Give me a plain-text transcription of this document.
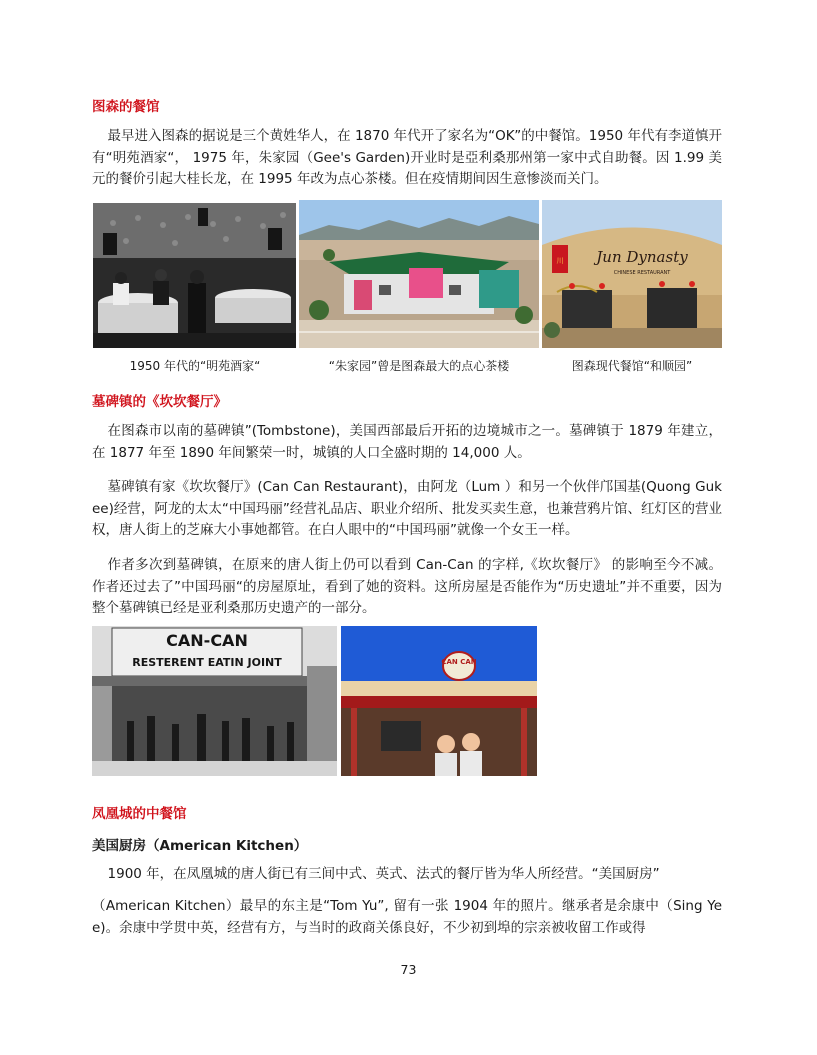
图森的餐馆

最早进入图森的据说是三个黄姓华人，在 1870 年代开了家名为“OK”的中餐馆。1950 年代有李道慎开有“明苑酒家“， 1975 年，朱家园（Gee's Garden)开业时是亞利桑那州第一家中式自助餐。因 1.99 美元的餐价引起大桂长龙，在 1995 年改为点心茶楼。但在疫情期间因生意惨淡而关门。

川 Jun Dynasty
CHINESE RESTAURANT

1950 年代的“明苑酒家“	“朱家园”曾是图森最大的点心茶楼	图森现代餐馆“和顺园”

墓碑镇的《坎坎餐厅》

在图森市以南的墓碑镇”(Tombstone)，美国西部最后开拓的边境城市之一。墓碑镇于 1879 年建立，在 1877 年至 1890 年间繁荣一时，城镇的人口全盛时期的 14,000 人。

墓碑镇有家《坎坎餐厅》(Can Can Restaurant)，由阿龙（Lum ）和另一个伙伴邝国基(Quong Gukee)经营，阿龙的太太“中国玛丽”经营礼品店、职业介绍所、批发买卖生意，也兼营鸦片馆、红灯区的营业权，唐人街上的芝麻大小事她都管。在白人眼中的“中国玛丽”就像一个女王一样。

作者多次到墓碑镇，在原来的唐人街上仍可以看到 Can-Can 的字样,《坎坎餐厅》 的影响至今不减。作者还过去了”中国玛丽“的房屋原址，看到了她的资料。这所房屋是否能作为“历史遗址”并不重要，因为整个墓碑镇已经是亚利桑那历史遗产的一部分。

CAN-CAN
RESTERENT EATIN JOINT	CAN CAN
凤凰城的中餐馆
美国厨房（American Kitchen）

1900 年，在凤凰城的唐人街已有三间中式、英式、法式的餐厅皆为华人所经营。“美国厨房”

（American Kitchen）最早的东主是“Tom Yu”, 留有一张 1904 年的照片。继承者是余康中（Sing Yee)。余康中学贯中英，经营有方，与当时的政商关係良好，不少初到埠的宗亲被收留工作或得

73
